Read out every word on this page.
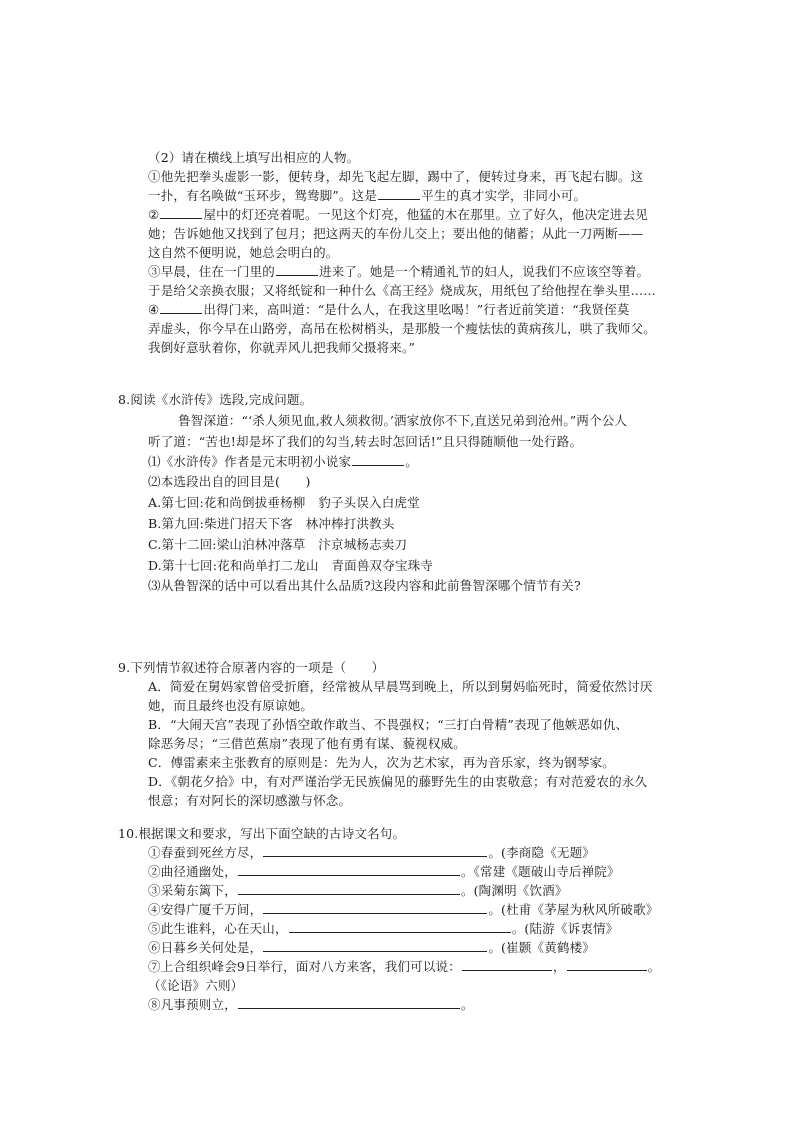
（2）请在横线上填写出相应的人物。
①他先把拳头虚影一影，便转身，却先飞起左脚，踢中了，便转过身来，再飞起右脚。这
一扑，有名唤做“玉环步，鸳鸯脚”。这是	平生的真才实学，非同小可。
②	屋中的灯还亮着呢。一见这个灯亮，他猛的木在那里。立了好久，他决定进去见
她；告诉她他又找到了包月；把这两天的车份儿交上；要出他的储蓄；从此一刀两断——
这自然不便明说，她总会明白的。
③早晨，住在一门里的	进来了。她是一个精通礼节的妇人，说我们不应该空等着。
于是给父亲换衣服；又将纸锭和一种什么《高王经》烧成灰，用纸包了给他捏在拳头里……
④	出得门来，高叫道：“是什么人，在我这里吆喝！”行者近前笑道：“我贤侄莫
弄虚头，你今早在山路旁，高吊在松树梢头，是那般一个瘦怯怯的黄病孩儿，哄了我师父。
我倒好意驮着你，你就弄风儿把我师父摄将来。”
8.阅读《水浒传》选段,完成问题。
鲁智深道：“‘杀人须见血,救人须救彻。’洒家放你不下,直送兄弟到沧州。”两个公人
听了道：“苦也!却是坏了我们的勾当,转去时怎回话!”且只得随顺他一处行路。
⑴《水浒传》作者是元末明初小说家	。
⑵本选段出自的回目是(　　)
A.第七回:花和尚倒拔垂杨柳　豹子头误入白虎堂
B.第九回:柴进门招天下客　林冲棒打洪教头
C.第十二回:梁山泊林冲落草　汴京城杨志卖刀
D.第十七回:花和尚单打二龙山　青面兽双夺宝珠寺
⑶从鲁智深的话中可以看出其什么品质?这段内容和此前鲁智深哪个情节有关?
9.下列情节叙述符合原著内容的一项是（　　）
A．简爱在舅妈家曾倍受折磨，经常被从早晨骂到晚上，所以到舅妈临死时，简爱依然讨厌
她，而且最终也没有原谅她。
B．“大闹天宫”表现了孙悟空敢作敢当、不畏强权；“三打白骨精”表现了他嫉恶如仇、
除恶务尽；“三借芭蕉扇”表现了他有勇有谋、藐视权威。
C．傅雷素来主张教育的原则是：先为人，次为艺术家，再为音乐家，终为钢琴家。
D．《朝花夕拾》中，有对严谨治学无民族偏见的藤野先生的由衷敬意；有对范爱农的永久
恨意；有对阿长的深切感激与怀念。
10.根据课文和要求，写出下面空缺的古诗文名句。
①春蚕到死丝方尽，	。(李商隐《无题》
②曲径通幽处，	。《常建《题破山寺后禅院》
③采菊东篱下，	。(陶渊明《饮酒》
④安得广厦千万间，	。(杜甫《茅屋为秋风所破歌》
⑤此生谁料，心在天山，	。(陆游《诉衷情》
⑥日暮乡关何处是，	。(崔颢《黄鹤楼》
⑦上合组织峰会9日举行，面对八方来客，我们可以说：	，	。
（《论语》六则）
⑧凡事预则立，	。
